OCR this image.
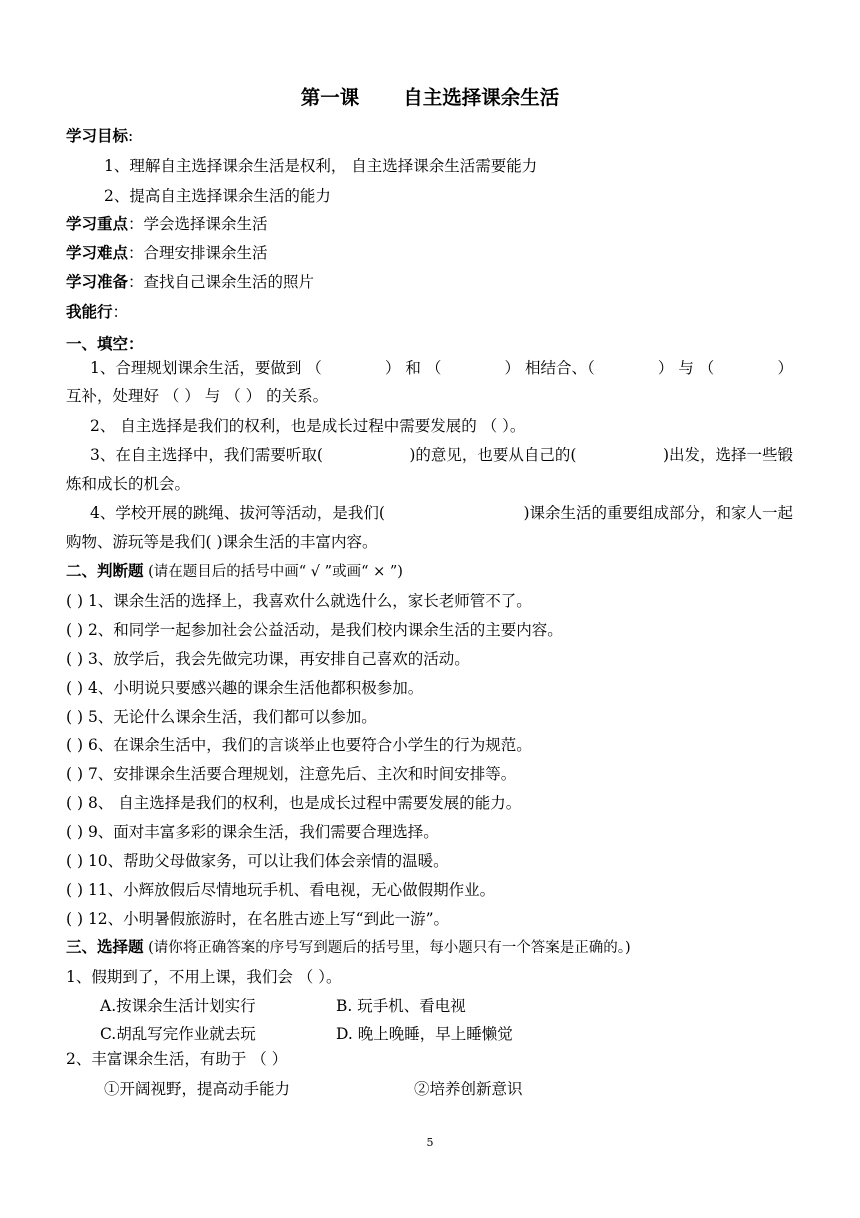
第一课 自主选择课余生活
学习目标:
1、理解自主选择课余生活是权利， 自主选择课余生活需要能力
2、提高自主选择课余生活的能力
学习重点：学会选择课余生活
学习难点：合理安排课余生活
学习准备：查找自己课余生活的照片
我能行：
一、填空：
1、合理规划课余生活，要做到 （	） 和 （	） 相结合、（	） 与 （	）
互补，处理好 （ ） 与 （ ） 的关系。
2、 自主选择是我们的权利，也是成长过程中需要发展的 （ ）。
3、在自主选择中，我们需要听取(	)的意见，也要从自己的(	)出发，选择一些锻
炼和成长的机会。
4、学校开展的跳绳、拔河等活动，是我们(	)课余生活的重要组成部分，和家人一起
购物、游玩等是我们( )课余生活的丰富内容。
二、判断题 (请在题目后的括号中画“ √ ”或画“ × ”)
( ) 1、课余生活的选择上，我喜欢什么就选什么，家长老师管不了。
( ) 2、和同学一起参加社会公益活动，是我们校内课余生活的主要内容。
( ) 3、放学后，我会先做完功课，再安排自己喜欢的活动。
( ) 4、小明说只要感兴趣的课余生活他都积极参加。
( ) 5、无论什么课余生活，我们都可以参加。
( ) 6、在课余生活中，我们的言谈举止也要符合小学生的行为规范。
( ) 7、安排课余生活要合理规划，注意先后、主次和时间安排等。
( ) 8、 自主选择是我们的权利，也是成长过程中需要发展的能力。
( ) 9、面对丰富多彩的课余生活，我们需要合理选择。
( ) 10、帮助父母做家务，可以让我们体会亲情的温暖。
( ) 11、小辉放假后尽情地玩手机、看电视，无心做假期作业。
( ) 12、小明暑假旅游时，在名胜古迹上写“到此一游”。
三、选择题 (请你将正确答案的序号写到题后的括号里，每小题只有一个答案是正确的。)
1、假期到了，不用上课，我们会 （ ）。
A.按课余生活计划实行	B. 玩手机、看电视
C.胡乱写完作业就去玩	D. 晚上晚睡，早上睡懒觉
2、丰富课余生活，有助于 （ ）
①开阔视野，提高动手能力	②培养创新意识
5
